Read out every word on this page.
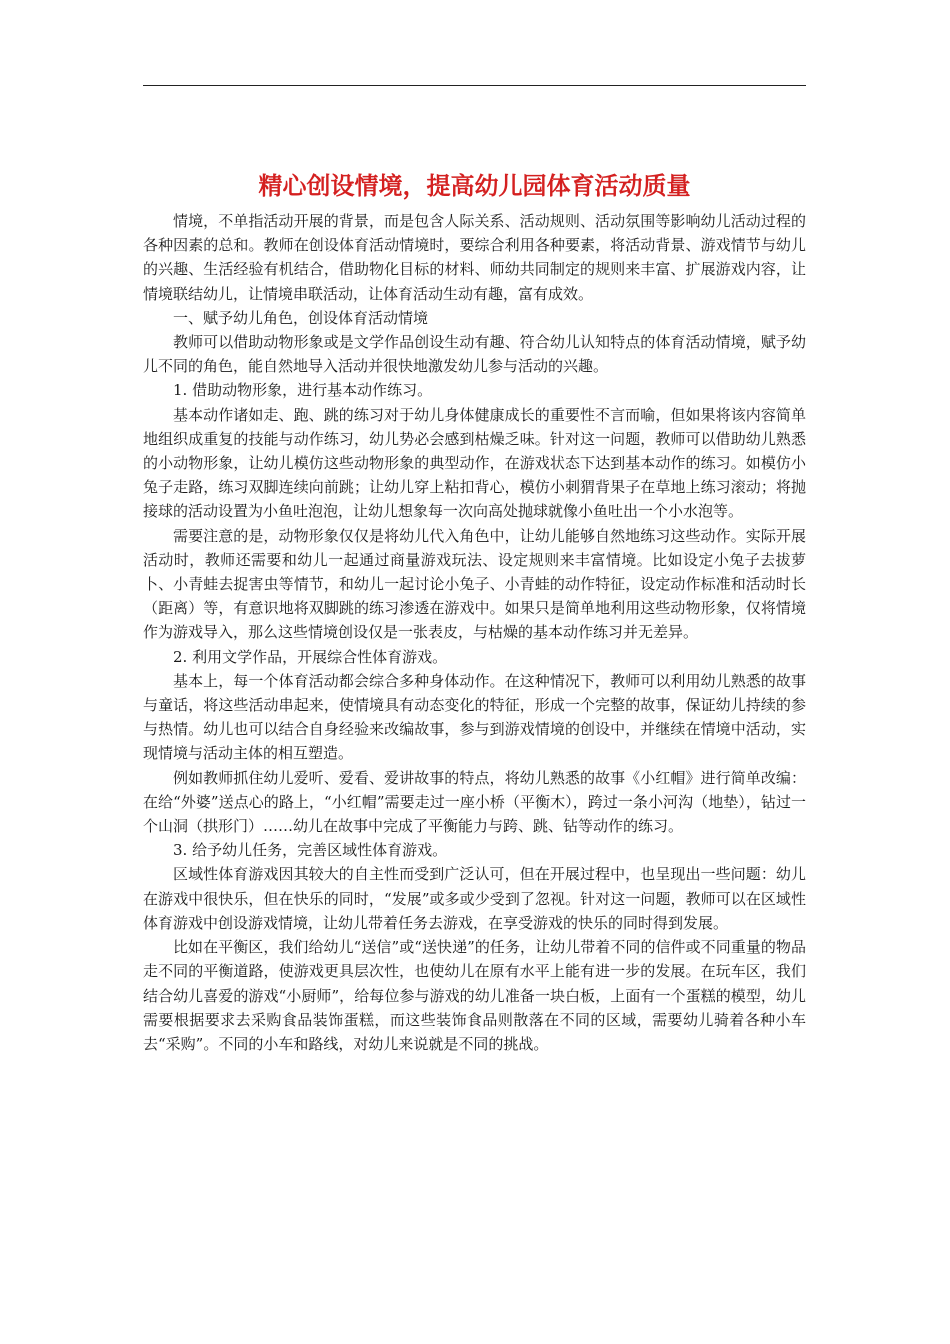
精心创设情境，提高幼儿园体育活动质量

情境，不单指活动开展的背景，而是包含人际关系、活动规则、活动氛围等影响幼儿活动过程的各种因素的总和。教师在创设体育活动情境时，要综合利用各种要素，将活动背景、游戏情节与幼儿的兴趣、生活经验有机结合，借助物化目标的材料、师幼共同制定的规则来丰富、扩展游戏内容，让情境联结幼儿，让情境串联活动，让体育活动生动有趣，富有成效。

一、赋予幼儿角色，创设体育活动情境

教师可以借助动物形象或是文学作品创设生动有趣、符合幼儿认知特点的体育活动情境，赋予幼儿不同的角色，能自然地导入活动并很快地激发幼儿参与活动的兴趣。

1. 借助动物形象，进行基本动作练习。

基本动作诸如走、跑、跳的练习对于幼儿身体健康成长的重要性不言而喻，但如果将该内容简单地组织成重复的技能与动作练习，幼儿势必会感到枯燥乏味。针对这一问题，教师可以借助幼儿熟悉的小动物形象，让幼儿模仿这些动物形象的典型动作，在游戏状态下达到基本动作的练习。如模仿小兔子走路，练习双脚连续向前跳；让幼儿穿上粘扣背心，模仿小刺猬背果子在草地上练习滚动；将抛接球的活动设置为小鱼吐泡泡，让幼儿想象每一次向高处抛球就像小鱼吐出一个小水泡等。

需要注意的是，动物形象仅仅是将幼儿代入角色中，让幼儿能够自然地练习这些动作。实际开展活动时，教师还需要和幼儿一起通过商量游戏玩法、设定规则来丰富情境。比如设定小兔子去拔萝卜、小青蛙去捉害虫等情节，和幼儿一起讨论小兔子、小青蛙的动作特征，设定动作标准和活动时长（距离）等，有意识地将双脚跳的练习渗透在游戏中。如果只是简单地利用这些动物形象，仅将情境作为游戏导入，那么这些情境创设仅是一张表皮，与枯燥的基本动作练习并无差异。

2. 利用文学作品，开展综合性体育游戏。

基本上，每一个体育活动都会综合多种身体动作。在这种情况下，教师可以利用幼儿熟悉的故事与童话，将这些活动串起来，使情境具有动态变化的特征，形成一个完整的故事，保证幼儿持续的参与热情。幼儿也可以结合自身经验来改编故事，参与到游戏情境的创设中，并继续在情境中活动，实现情境与活动主体的相互塑造。

例如教师抓住幼儿爱听、爱看、爱讲故事的特点，将幼儿熟悉的故事《小红帽》进行简单改编：在给“外婆”送点心的路上，“小红帽”需要走过一座小桥（平衡木），跨过一条小河沟（地垫），钻过一个山洞（拱形门）……幼儿在故事中完成了平衡能力与跨、跳、钻等动作的练习。

3. 给予幼儿任务，完善区域性体育游戏。

区域性体育游戏因其较大的自主性而受到广泛认可，但在开展过程中，也呈现出一些问题：幼儿在游戏中很快乐，但在快乐的同时，“发展”或多或少受到了忽视。针对这一问题，教师可以在区域性体育游戏中创设游戏情境，让幼儿带着任务去游戏，在享受游戏的快乐的同时得到发展。

比如在平衡区，我们给幼儿“送信”或“送快递”的任务，让幼儿带着不同的信件或不同重量的物品走不同的平衡道路，使游戏更具层次性，也使幼儿在原有水平上能有进一步的发展。在玩车区，我们结合幼儿喜爱的游戏“小厨师”，给每位参与游戏的幼儿准备一块白板，上面有一个蛋糕的模型，幼儿需要根据要求去采购食品装饰蛋糕，而这些装饰食品则散落在不同的区域，需要幼儿骑着各种小车去“采购”。不同的小车和路线，对幼儿来说就是不同的挑战。
